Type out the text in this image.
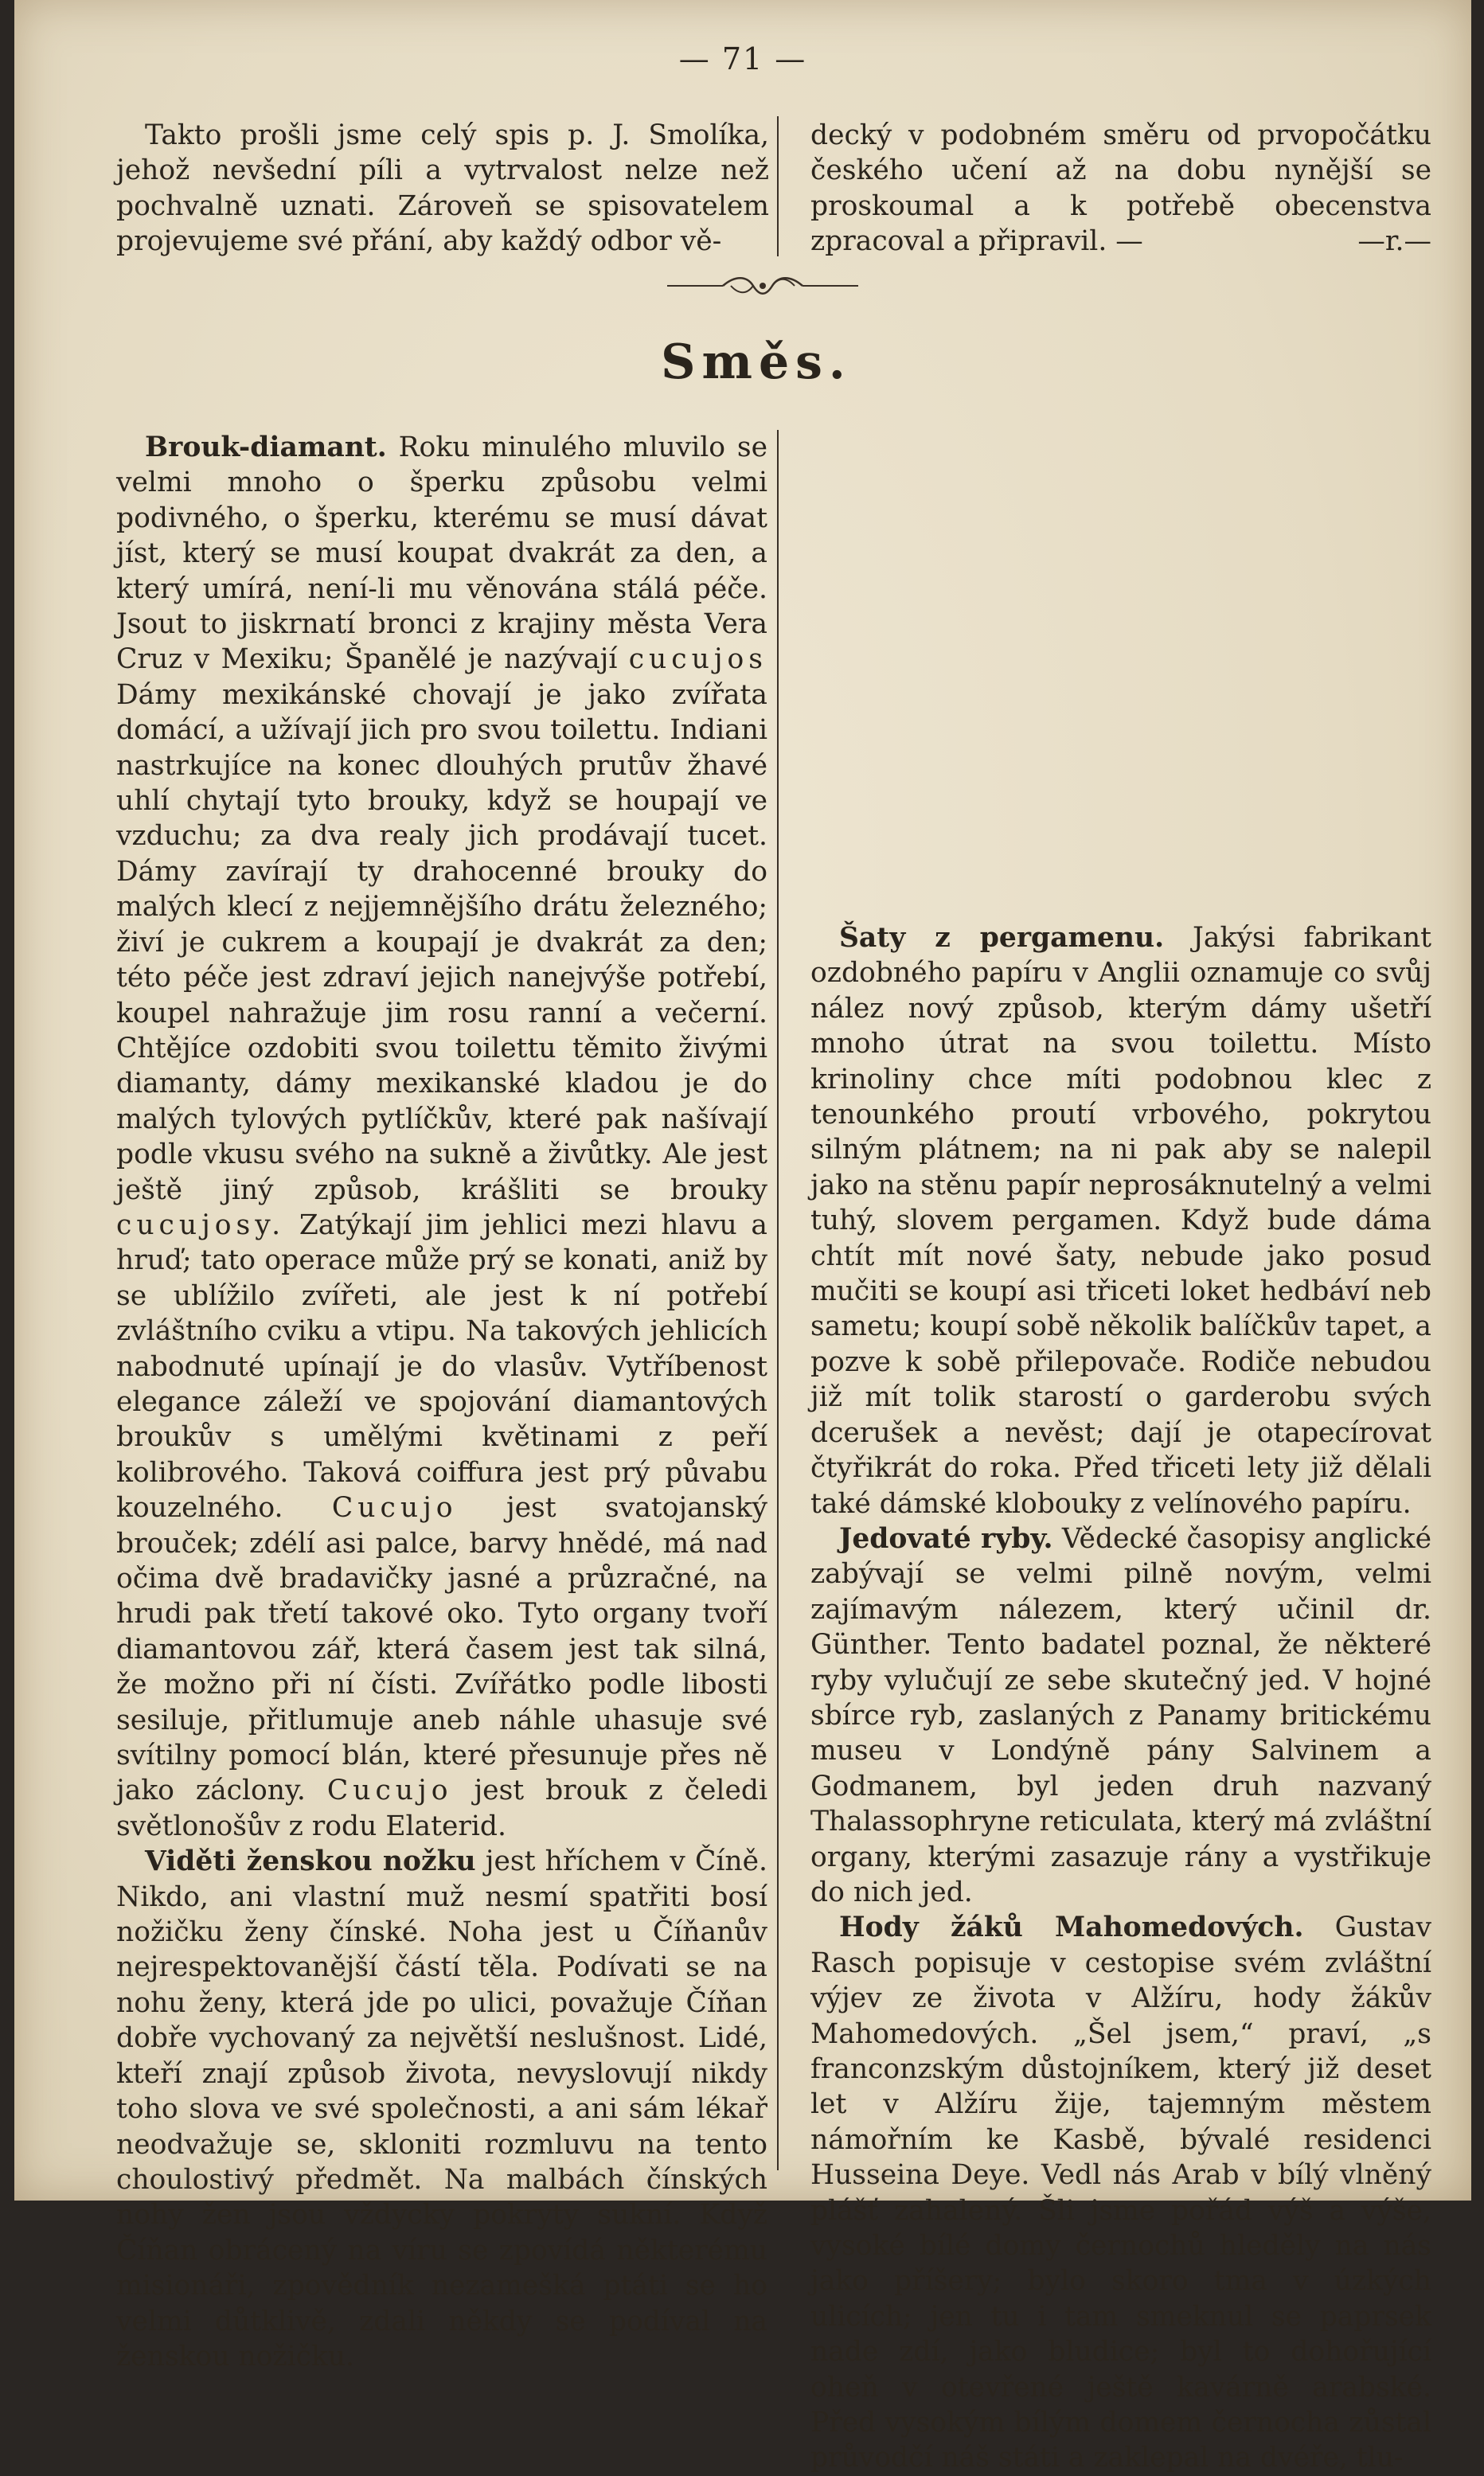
— 71 —

Takto prošli jsme celý spis p. J. Smolíka, jehož nevšední píli a vytrvalost nelze než pochvalně uznati. Zároveň se spisovatelem projevujeme své přání, aby každý odbor vě-

decký v podobném směru od prvopočátku českého učení až na dobu nynější se proskoumal a k potřebě obecenstva zpracoval a připravil. —	—r.—

Směs.

Brouk-diamant. Roku minulého mluvilo se velmi mnoho o šperku způsobu velmi podivného, o šperku, kterému se musí dávat jíst, který se musí koupat dvakrát za den, a který umírá, není-li mu věnována stálá péče. Jsout to jiskrnatí bronci z krajiny města Vera Cruz v Mexiku; Španělé je nazývají cucujos Dámy mexikánské chovají je jako zvířata domácí, a užívají jich pro svou toilettu. Indiani nastrkujíce na konec dlouhých prutův žhavé uhlí chytají tyto brouky, když se houpají ve vzduchu; za dva realy jich prodávají tucet. Dámy zavírají ty drahocenné brouky do malých klecí z nejjemnějšího drátu železného; živí je cukrem a koupají je dvakrát za den; této péče jest zdraví jejich nanejvýše potřebí, koupel nahražuje jim rosu ranní a večerní. Chtějíce ozdobiti svou toilettu těmito živými diamanty, dámy mexikanské kladou je do malých tylových pytlíčkův, které pak našívají podle vkusu svého na sukně a živůtky. Ale jest ještě jiný způsob, krášliti se brouky cucujosy. Zatýkají jim jehlici mezi hlavu a hruď; tato operace může prý se konati, aniž by se ublížilo zvířeti, ale jest k ní potřebí zvláštního cviku a vtipu. Na takových jehlicích nabodnuté upínají je do vlasův. Vytříbenost elegance záleží ve spojování diamantových broukův s umělými květinami z peří kolibrového. Taková coiffura jest prý půvabu kouzelného. Cucujo jest svatojanský brouček; zdélí asi palce, barvy hnědé, má nad očima dvě bradavičky jasné a průzračné, na hrudi pak třetí takové oko. Tyto organy tvoří diamantovou zář, která časem jest tak silná, že možno při ní čísti. Zvířátko podle libosti sesiluje, přitlumuje aneb náhle uhasuje své svítilny pomocí blán, které přesunuje přes ně jako záclony. Cucujo jest brouk z čeledi světlonošův z rodu Elaterid.

Viděti ženskou nožku jest hříchem v Číně. Nikdo, ani vlastní muž nesmí spatřiti bosí nožičku ženy čínské. Noha jest u Číňanův nejrespektovanější částí těla. Podívati se na nohu ženy, která jde po ulici, považuje Číňan dobře vychovaný za největší neslušnost. Lidé, kteří znají způsob života, nevyslovují nikdy toho slova ve své společnosti, a ani sám lékař neodvažuje se, skloniti rozmluvu na tento choulostivý předmět. Na malbách čínských nohy žen jsou vždycky pokryty sukní. Když Číňan obrácený na víru se zpovídá některému misionáři, zpovědník nezamešká ptáti se ho velmi důtklivě, zdali někdy se podíval na ženskou nožičku.

Šaty z pergamenu. Jakýsi fabrikant ozdobného papíru v Anglii oznamuje co svůj nález nový způsob, kterým dámy ušetří mnoho útrat na svou toilettu. Místo krinoliny chce míti podobnou klec z tenounkého proutí vrbového, pokrytou silným plátnem; na ni pak aby se nalepil jako na stěnu papír neprosáknutelný a velmi tuhý, slovem pergamen. Když bude dáma chtít mít nové šaty, nebude jako posud mučiti se koupí asi třiceti loket hedbáví neb sametu; koupí sobě několik balíčkův tapet, a pozve k sobě přilepovače. Rodiče nebudou již mít tolik starostí o garderobu svých dcerušek a nevěst; dají je otapecírovat čtyřikrát do roka. Před třiceti lety již dělali také dámské klobouky z velínového papíru.

Jedovaté ryby. Vědecké časopisy anglické zabývají se velmi pilně novým, velmi zajímavým nálezem, který učinil dr. Günther. Tento badatel poznal, že některé ryby vylučují ze sebe skutečný jed. V hojné sbírce ryb, zaslaných z Panamy britickému museu v Londýně pány Salvinem a Godmanem, byl jeden druh nazvaný Thalassophryne reticulata, který má zvláštní organy, kterými zasazuje rány a vystřikuje do nich jed.

Hody žáků Mahomedových. Gustav Rasch popisuje v cestopise svém zvláštní výjev ze života v Alžíru, hody žákův Mahomedových. „Šel jsem,“ praví, „s franconzským důstojníkem, který již deset let v Alžíru žije, tajemným městem námořním ke Kasbě, bývalé residenci Husseina Deye. Vedl nás Arab v bílý vlněný plášť zahalený. Šli jsme pořád výš a výše, vysoké bílé domy černochů hleděly na nás jako příšery; bylo skoro tma v úzkých ulicích; jen tu i tam smeknul se paprsek nade zdí, jako bludice; byl to dohořující oheň v otevřené ještě kavárně arabské. Před vysokým bílým domem černocha zůstal průvodčí náš státi a zaklepal na dvéře, tlu-
